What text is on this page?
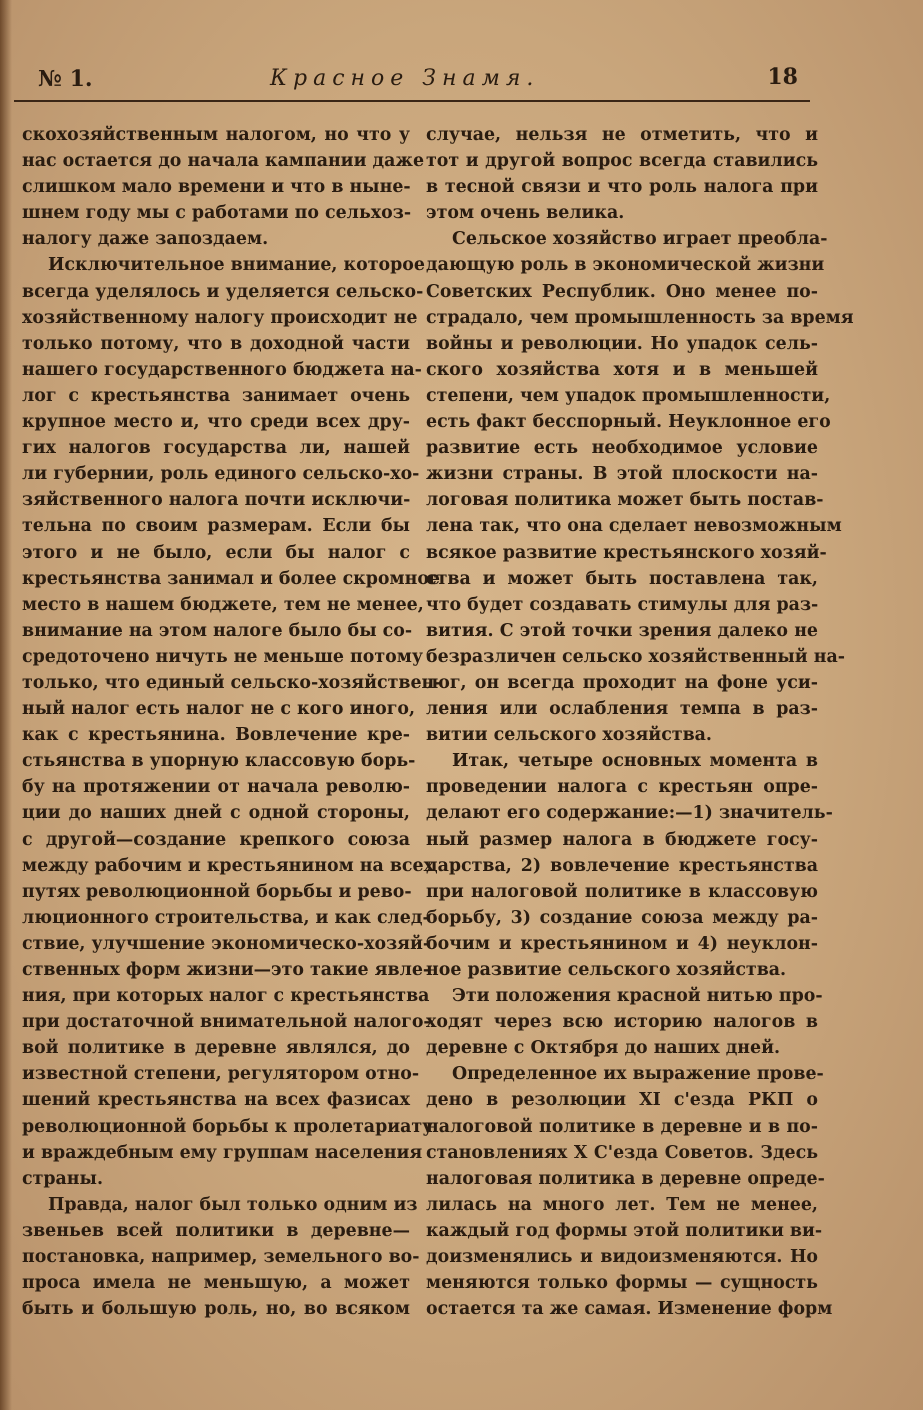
№ 1.	Красное Знамя.	18
скохозяйственным налогом, но что у
нас остается до начала кампании даже
слишком мало времени и что в ныне-
шнем году мы с работами по сельхоз-
налогу даже запоздаем.
Исключительное внимание, которое
всегда уделялось и уделяется сельско-
хозяйственному налогу происходит не
только потому, что в доходной части
нашего государственного бюджета на-
лог с крестьянства занимает очень
крупное место и, что среди всех дру-
гих налогов государства ли, нашей
ли губернии, роль единого сельско-хо-
зяйственного налога почти исключи-
тельна по своим размерам. Если бы
этого и не было, если бы налог с
крестьянства занимал и более скромное
место в нашем бюджете, тем не менее,
внимание на этом налоге было бы со-
средоточено ничуть не меньше потому
только, что единый сельско-хозяйствен-
ный налог есть налог не с кого иного,
как с крестьянина. Вовлечение кре-
стьянства в упорную классовую борь-
бу на протяжении от начала револю-
ции до наших дней с одной стороны,
с другой—создание крепкого союза
между рабочим и крестьянином на всех
путях революционной борьбы и рево-
люционного строительства, и как след-
ствие, улучшение экономическо-хозяй-
ственных форм жизни—это такие явле-
ния, при которых налог с крестьянства
при достаточной внимательной налого-
вой политике в деревне являлся, до
известной степени, регулятором отно-
шений крестьянства на всех фазисах
революционной борьбы к пролетариату
и враждебным ему группам населения
страны.
Правда, налог был только одним из
звеньев всей политики в деревне—
постановка, например, земельного во-
проса имела не меньшую, а может
быть и большую роль, но, во всяком
случае, нельзя не отметить, что и
тот и другой вопрос всегда ставились
в тесной связи и что роль налога при
этом очень велика.
Сельское хозяйство играет преобла-
дающую роль в экономической жизни
Советских Республик. Оно менее по-
страдало, чем промышленность за время
войны и революции. Но упадок сель-
ского хозяйства хотя и в меньшей
степени, чем упадок промышленности,
есть факт бесспорный. Неуклонное его
развитие есть необходимое условие
жизни страны. В этой плоскости на-
логовая политика может быть постав-
лена так, что она сделает невозможным
всякое развитие крестьянского хозяй-
ства и может быть поставлена так,
что будет создавать стимулы для раз-
вития. С этой точки зрения далеко не
безразличен сельско хозяйственный на-
лог, он всегда проходит на фоне уси-
ления или ослабления темпа в раз-
витии сельского хозяйства.
Итак, четыре основных момента в
проведении налога с крестьян опре-
делают его содержание:—1) значитель-
ный размер налога в бюджете госу-
дарства, 2) вовлечение крестьянства
при налоговой политике в классовую
борьбу, 3) создание союза между ра-
бочим и крестьянином и 4) неуклон-
ное развитие сельского хозяйства.
Эти положения красной нитью про-
ходят через всю историю налогов в
деревне с Октября до наших дней.
Определенное их выражение прове-
дено в резолюции XI с'езда РКП о
налоговой политике в деревне и в по-
становлениях X С'езда Советов. Здесь
налоговая политика в деревне опреде-
лилась на много лет. Тем не менее,
каждый год формы этой политики ви-
доизменялись и видоизменяются. Но
меняются только формы — сущность
остается та же самая. Изменение форм
